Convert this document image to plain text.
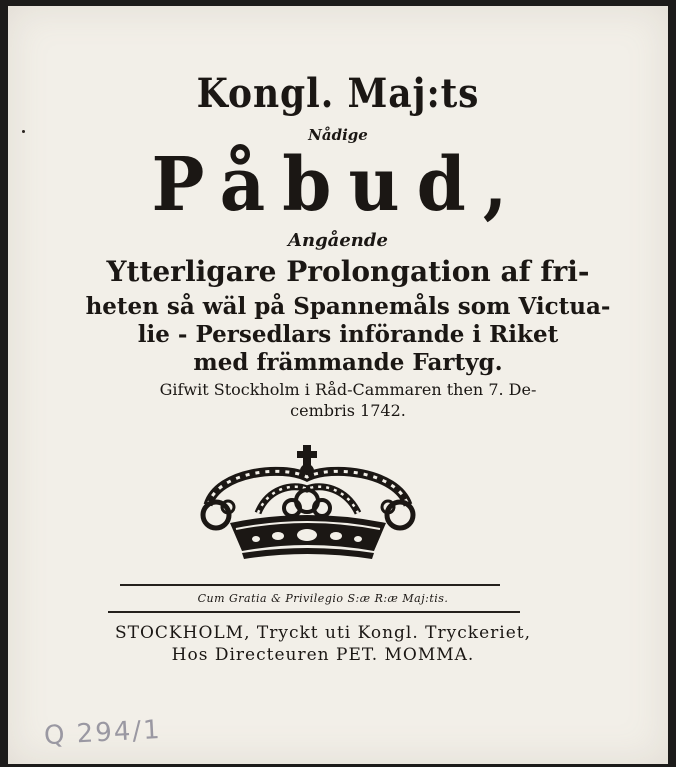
Kongl. Maj:ts
Nådige
Påbud,
Angående
Ytterligare Prolongation af fri-
heten så wäl på Spannemåls som Victua-
lie - Persedlars införande i Riket
med främmande Fartyg.
Gifwit Stockholm i Råd-Cammaren then 7. De-
cembris 1742.
Cum Gratia & Privilegio S:æ R:æ Maj:tis.
STOCKHOLM, Tryckt uti Kongl. Tryckeriet,
Hos Directeuren PET. MOMMA.
Q 294/1
